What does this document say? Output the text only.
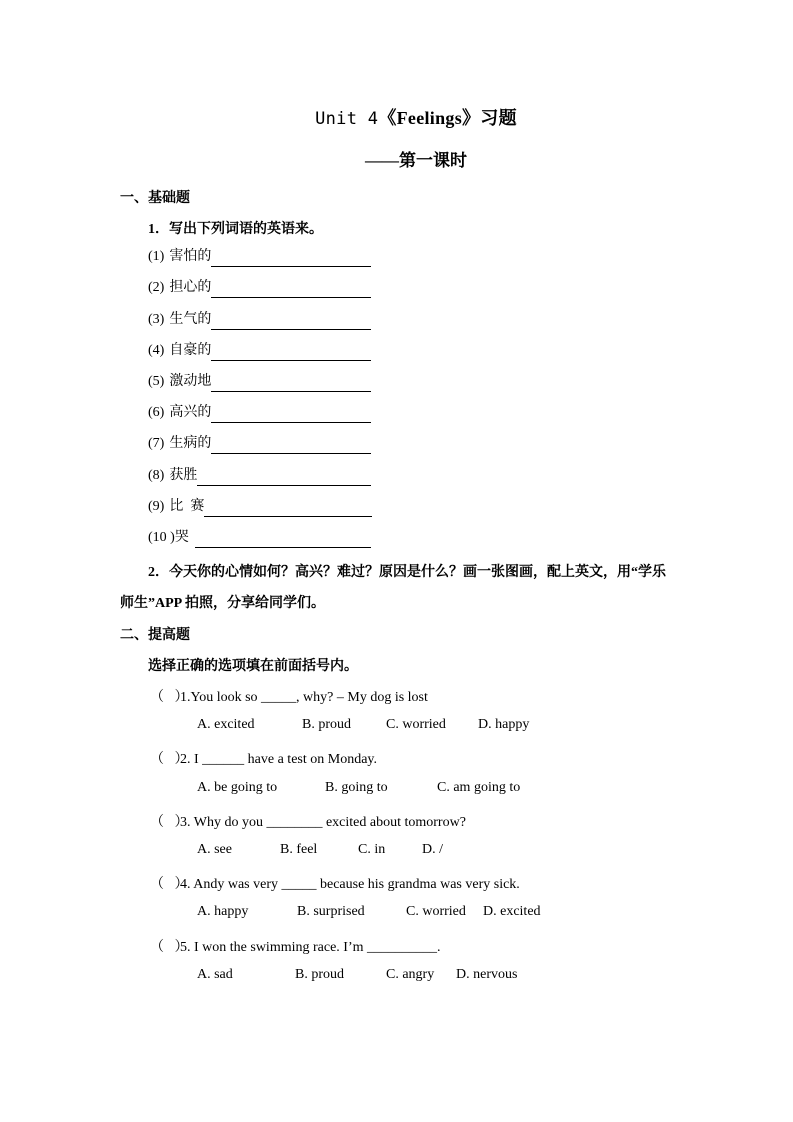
Unit 4《Feelings》习题
——第一课时
一、基础题
1．写出下列词语的英语来。
(1) 害怕的
(2) 担心的
(3) 生气的
(4) 自豪的
(5) 激动地
(6) 高兴的
(7) 生病的
(8) 获胜
(9) 比  赛
(10 ) 哭
2．今天你的心情如何？高兴？难过？原因是什么？画一张图画，配上英文，用“学乐
师生”APP 拍照，分享给同学们。
二、提高题
选择正确的选项填在前面括号内。
（   ）1.You look so _____, why? – My dog is lost
A. excited	B. proud	C. worried D. happy
（   ）2. I ______ have a test on Monday.
A. be going to	B. going to	C. am going to
（   ）3. Why do you ________ excited about tomorrow?
A. see	B. feel	C. in	D. /
（   ）4. Andy was very _____ because his grandma was very sick.
A. happy	B. surprised	C. worried D. excited
（   ）5. I won the swimming race. I’m __________.
A. sad	B. proud	C. angry D. nervous
